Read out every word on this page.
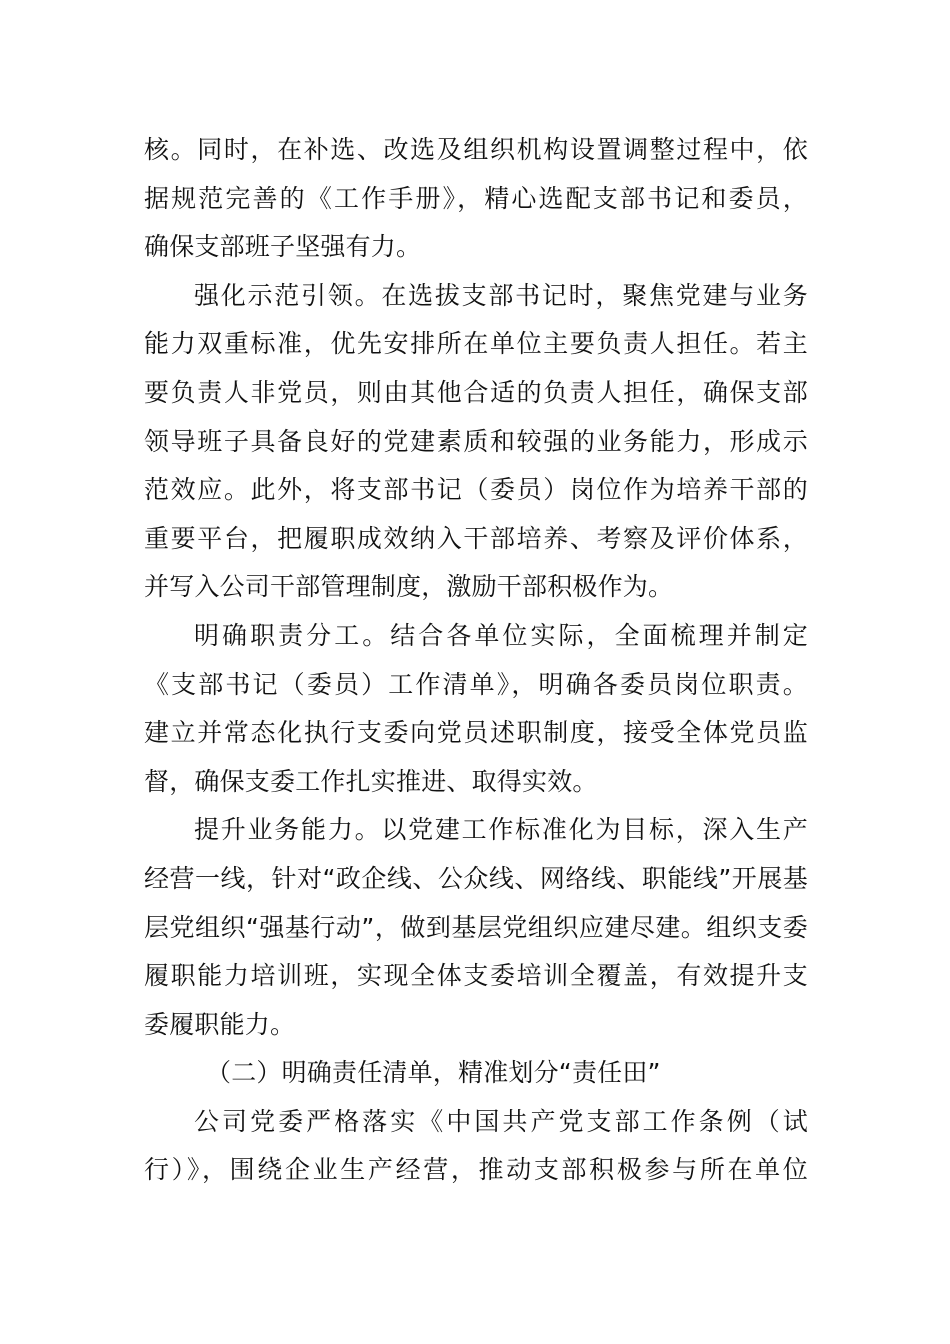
核。同时，在补选、改选及组织机构设置调整过程中，依
据规范完善的《工作手册》，精心选配支部书记和委员，
确保支部班子坚强有力。
强化示范引领。在选拔支部书记时，聚焦党建与业务
能力双重标准，优先安排所在单位主要负责人担任。若主
要负责人非党员，则由其他合适的负责人担任，确保支部
领导班子具备良好的党建素质和较强的业务能力，形成示
范效应。此外，将支部书记（委员）岗位作为培养干部的
重要平台，把履职成效纳入干部培养、考察及评价体系，
并写入公司干部管理制度，激励干部积极作为。
明确职责分工。结合各单位实际，全面梳理并制定
《支部书记（委员）工作清单》，明确各委员岗位职责。
建立并常态化执行支委向党员述职制度，接受全体党员监
督，确保支委工作扎实推进、取得实效。
提升业务能力。以党建工作标准化为目标，深入生产
经营一线，针对“政企线、公众线、网络线、职能线”开展基
层党组织“强基行动”，做到基层党组织应建尽建。组织支委
履职能力培训班，实现全体支委培训全覆盖，有效提升支
委履职能力。
（二）明确责任清单，精准划分“责任田”
公司党委严格落实《中国共产党支部工作条例（试
行）》，围绕企业生产经营，推动支部积极参与所在单位
